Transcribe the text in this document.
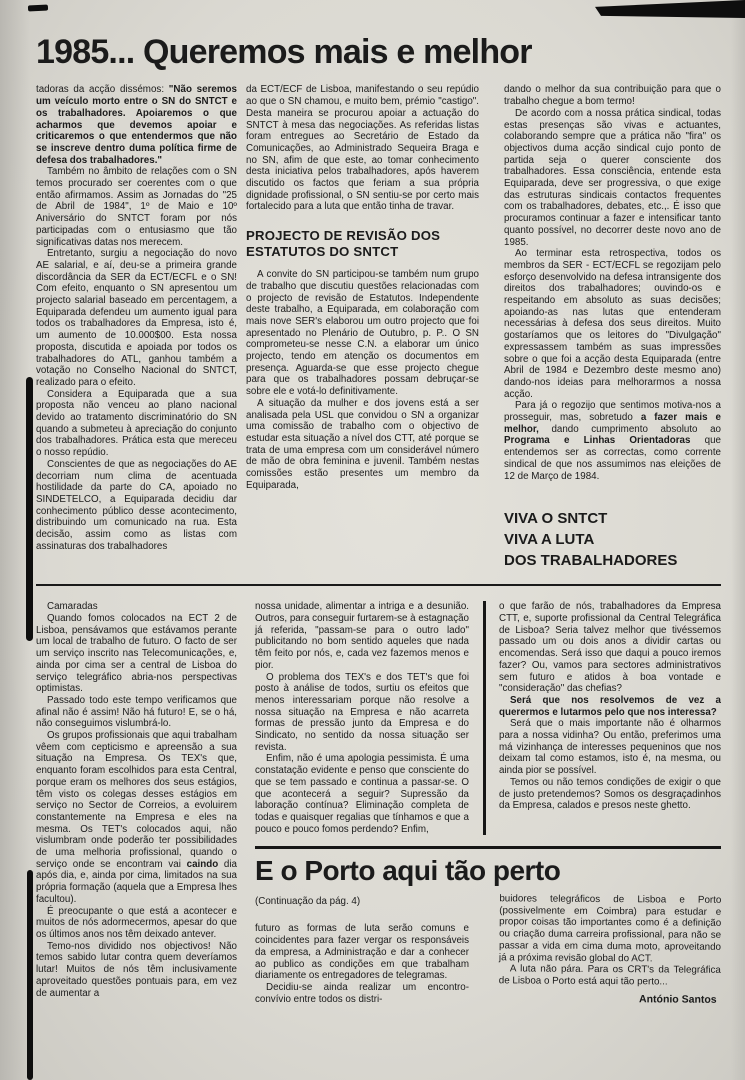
1985... Queremos mais e melhor

tadoras da acção dissémos: "Não seremos um veículo morto entre o SN do SNTCT e os trabalhadores. Apoiaremos o que acharmos que devemos apoiar e criticaremos o que entendermos que não se inscreve dentro duma política firme de defesa dos trabalhadores."

Também no âmbito de relações com o SN temos procurado ser coerentes com o que então afirmamos. Assim as Jornadas do "25 de Abril de 1984", 1º de Maio e 10º Aniversário do SNTCT foram por nós participadas com o entusiasmo que tão significativas datas nos merecem.

Entretanto, surgiu a negociação do novo AE salarial, e aí, deu-se a primeira grande discordância da SER da ECT/ECFL e o SN! Com efeito, enquanto o SN apresentou um projecto salarial baseado em percentagem, a Equiparada defendeu um aumento igual para todos os trabalhadores da Empresa, isto é, um aumento de 10.000$00. Esta nossa proposta, discutida e apoiada por todos os trabalhadores do ATL, ganhou também a votação no Conselho Nacional do SNTCT, realizado para o efeito.

Considera a Equiparada que a sua proposta não venceu ao plano nacional devido ao tratamento discriminatório do SN quando a submeteu à apreciação do conjunto dos trabalhadores. Prática esta que mereceu o nosso repúdio.

Conscientes de que as negociações do AE decorriam num clima de acentuada hostilidade da parte do CA, apoiado no SINDETELCO, a Equiparada decidiu dar conhecimento público desse acontecimento, distribuindo um comunicado na rua. Esta decisão, assim como as listas com assinaturas dos trabalhadores

da ECT/ECF de Lisboa, manifestando o seu repúdio ao que o SN chamou, e muito bem, prémio "castigo". Desta maneira se procurou apoiar a actuação do SNTCT à mesa das negociações. As referidas listas foram entregues ao Secretário de Estado da Comunicações, ao Administrado Sequeira Braga e no SN, afim de que este, ao tomar conhecimento desta iniciativa pelos trabalhadores, após haverem discutido os factos que feriam a sua própria dignidade profissional, o SN sentiu-se por certo mais fortalecido para a luta que então tinha de travar.

PROJECTO DE REVISÃO DOS ESTATUTOS DO SNTCT

A convite do SN participou-se também num grupo de trabalho que discutiu questões relacionadas com o projecto de revisão de Estatutos. Independente deste trabalho, a Equiparada, em colaboração com mais nove SER's elaborou um outro projecto que foi apresentado no Plenário de Outubro, p. P.. O SN comprometeu-se nesse C.N. a elaborar um único projecto, tendo em atenção os documentos em presença. Aguarda-se que esse projecto chegue para que os trabalhadores possam debruçar-se sobre ele e votá-lo definitivamente.

A situação da mulher e dos jovens está a ser analisada pela USL que convidou o SN a organizar uma comissão de trabalho com o objectivo de estudar esta situação a nível dos CTT, até porque se trata de uma empresa com um considerável número de mão de obra feminina e juvenil. Também nestas comissões estão presentes um membro da Equiparada,

dando o melhor da sua contribuição para que o trabalho chegue a bom termo!

De acordo com a nossa prática sindical, todas estas presenças são vivas e actuantes, colaborando sempre que a prática não "fira" os objectivos duma acção sindical cujo ponto de partida seja o querer consciente dos trabalhadores. Essa consciência, entende esta Equiparada, deve ser progressiva, o que exige das estruturas sindicais contactos frequentes com os trabalhadores, debates, etc.,. É isso que procuramos continuar a fazer e intensificar tanto quanto possível, no decorrer deste novo ano de 1985.

Ao terminar esta retrospectiva, todos os membros da SER - ECT/ECFL se regozijam pelo esforço desenvolvido na defesa intransigente dos direitos dos trabalhadores; ouvindo-os e respeitando em absoluto as suas decisões; apoiando-as nas lutas que entenderam necessárias à defesa dos seus direitos. Muito gostaríamos que os leitores do "Divulgação" expressassem também as suas impressões sobre o que foi a acção desta Equiparada (entre Abril de 1984 e Dezembro deste mesmo ano) dando-nos ideias para melhorarmos a nossa acção.

Para já o regozijo que sentimos motiva-nos a prosseguir, mas, sobretudo a fazer mais e melhor, dando cumprimento absoluto ao Programa e Linhas Orientadoras que entendemos ser as correctas, como corrente sindical de que nos assumimos nas eleições de 12 de Março de 1984.

VIVA O SNTCT

VIVA A LUTA

DOS TRABALHADORES

Camaradas

Quando fomos colocados na ECT 2 de Lisboa, pensávamos que estávamos perante um local de trabalho de futuro. O facto de ser um serviço inscrito nas Telecomunicações, e, ainda por cima ser a central de Lisboa do serviço telegráfico abria-nos perspectivas optimistas.

Passado todo este tempo verificamos que afinal não é assim! Não há futuro! E, se o há, não conseguimos vislumbrá-lo.

Os grupos profissionais que aqui trabalham vêem com cepticismo e apreensão a sua situação na Empresa. Os TEX's que, enquanto foram escolhidos para esta Central, porque eram os melhores dos seus estágios, têm visto os colegas desses estágios em serviço no Sector de Correios, a evoluirem constantemente na Empresa e eles na mesma. Os TET's colocados aqui, não vislumbram onde poderão ter possibilidades de uma melhoria profissional, quando o serviço onde se encontram vai caindo dia após dia, e, ainda por cima, limitados na sua própria formação (aquela que a Empresa lhes facultou).

É preocupante o que está a acontecer e muitos de nós adormecermos, apesar do que os últimos anos nos têm deixado antever.

Temo-nos dividido nos objectivos! Não temos sabido lutar contra quem deveríamos lutar! Muitos de nós têm inclusivamente aproveitado questões pontuais para, em vez de aumentar a

nossa unidade, alimentar a intriga e a desunião. Outros, para conseguir furtarem-se à estagnação já referida, "passam-se para o outro lado" publicitando no bom sentido aqueles que nada têm feito por nós, e, cada vez fazemos menos e pior.

O problema dos TEX's e dos TET's que foi posto à análise de todos, surtiu os efeitos que menos interessariam porque não resolve a nossa situação na Empresa e não acarreta formas de pressão junto da Empresa e do Sindicato, no sentido da nossa situação ser revista.

Enfim, não é uma apologia pessimista. É uma constatação evidente e penso que consciente do que se tem passado e continua a passar-se. O que acontecerá a seguir? Supressão da laboração contínua? Eliminação completa de todas e quaisquer regalias que tínhamos e que a pouco e pouco fomos perdendo? Enfim,

o que farão de nós, trabalhadores da Empresa CTT, e, suporte profissional da Central Telegráfica de Lisboa? Seria talvez melhor que tivéssemos passado um ou dois anos a dividir cartas ou encomendas. Será isso que daqui a pouco iremos fazer? Ou, vamos para sectores administrativos sem futuro e atidos à boa vontade e "consideração" das chefias?

Será que nos resolvemos de vez a querermos e lutarmos pelo que nos interessa?

Será que o mais importante não é olharmos para a nossa vidinha? Ou então, preferimos uma má vizinhança de interesses pequeninos que nos deixam tal como estamos, isto é, na mesma, ou ainda pior se possível.

Temos ou não temos condições de exigir o que de justo pretendemos? Somos os desgraçadinhos da Empresa, calados e presos neste ghetto.

E o Porto aqui tão perto

(Continuação da pág. 4)

futuro as formas de luta serão comuns e coincidentes para fazer vergar os responsáveis da empresa, a Administração e dar a conhecer ao publico as condições em que trabalham diariamente os entregadores de telegramas.

Decidiu-se ainda realizar um encontro-convívio entre todos os distri-

buidores telegráficos de Lisboa e Porto (possivelmente em Coimbra) para estudar e propor coisas tão importantes como é a definição ou criação duma carreira profissional, para não se passar a vida em cima duma moto, aproveitando já a próxima revisão global do ACT.

A luta não pára. Para os CRT's da Telegráfica de Lisboa o Porto está aqui tão perto...

António Santos
